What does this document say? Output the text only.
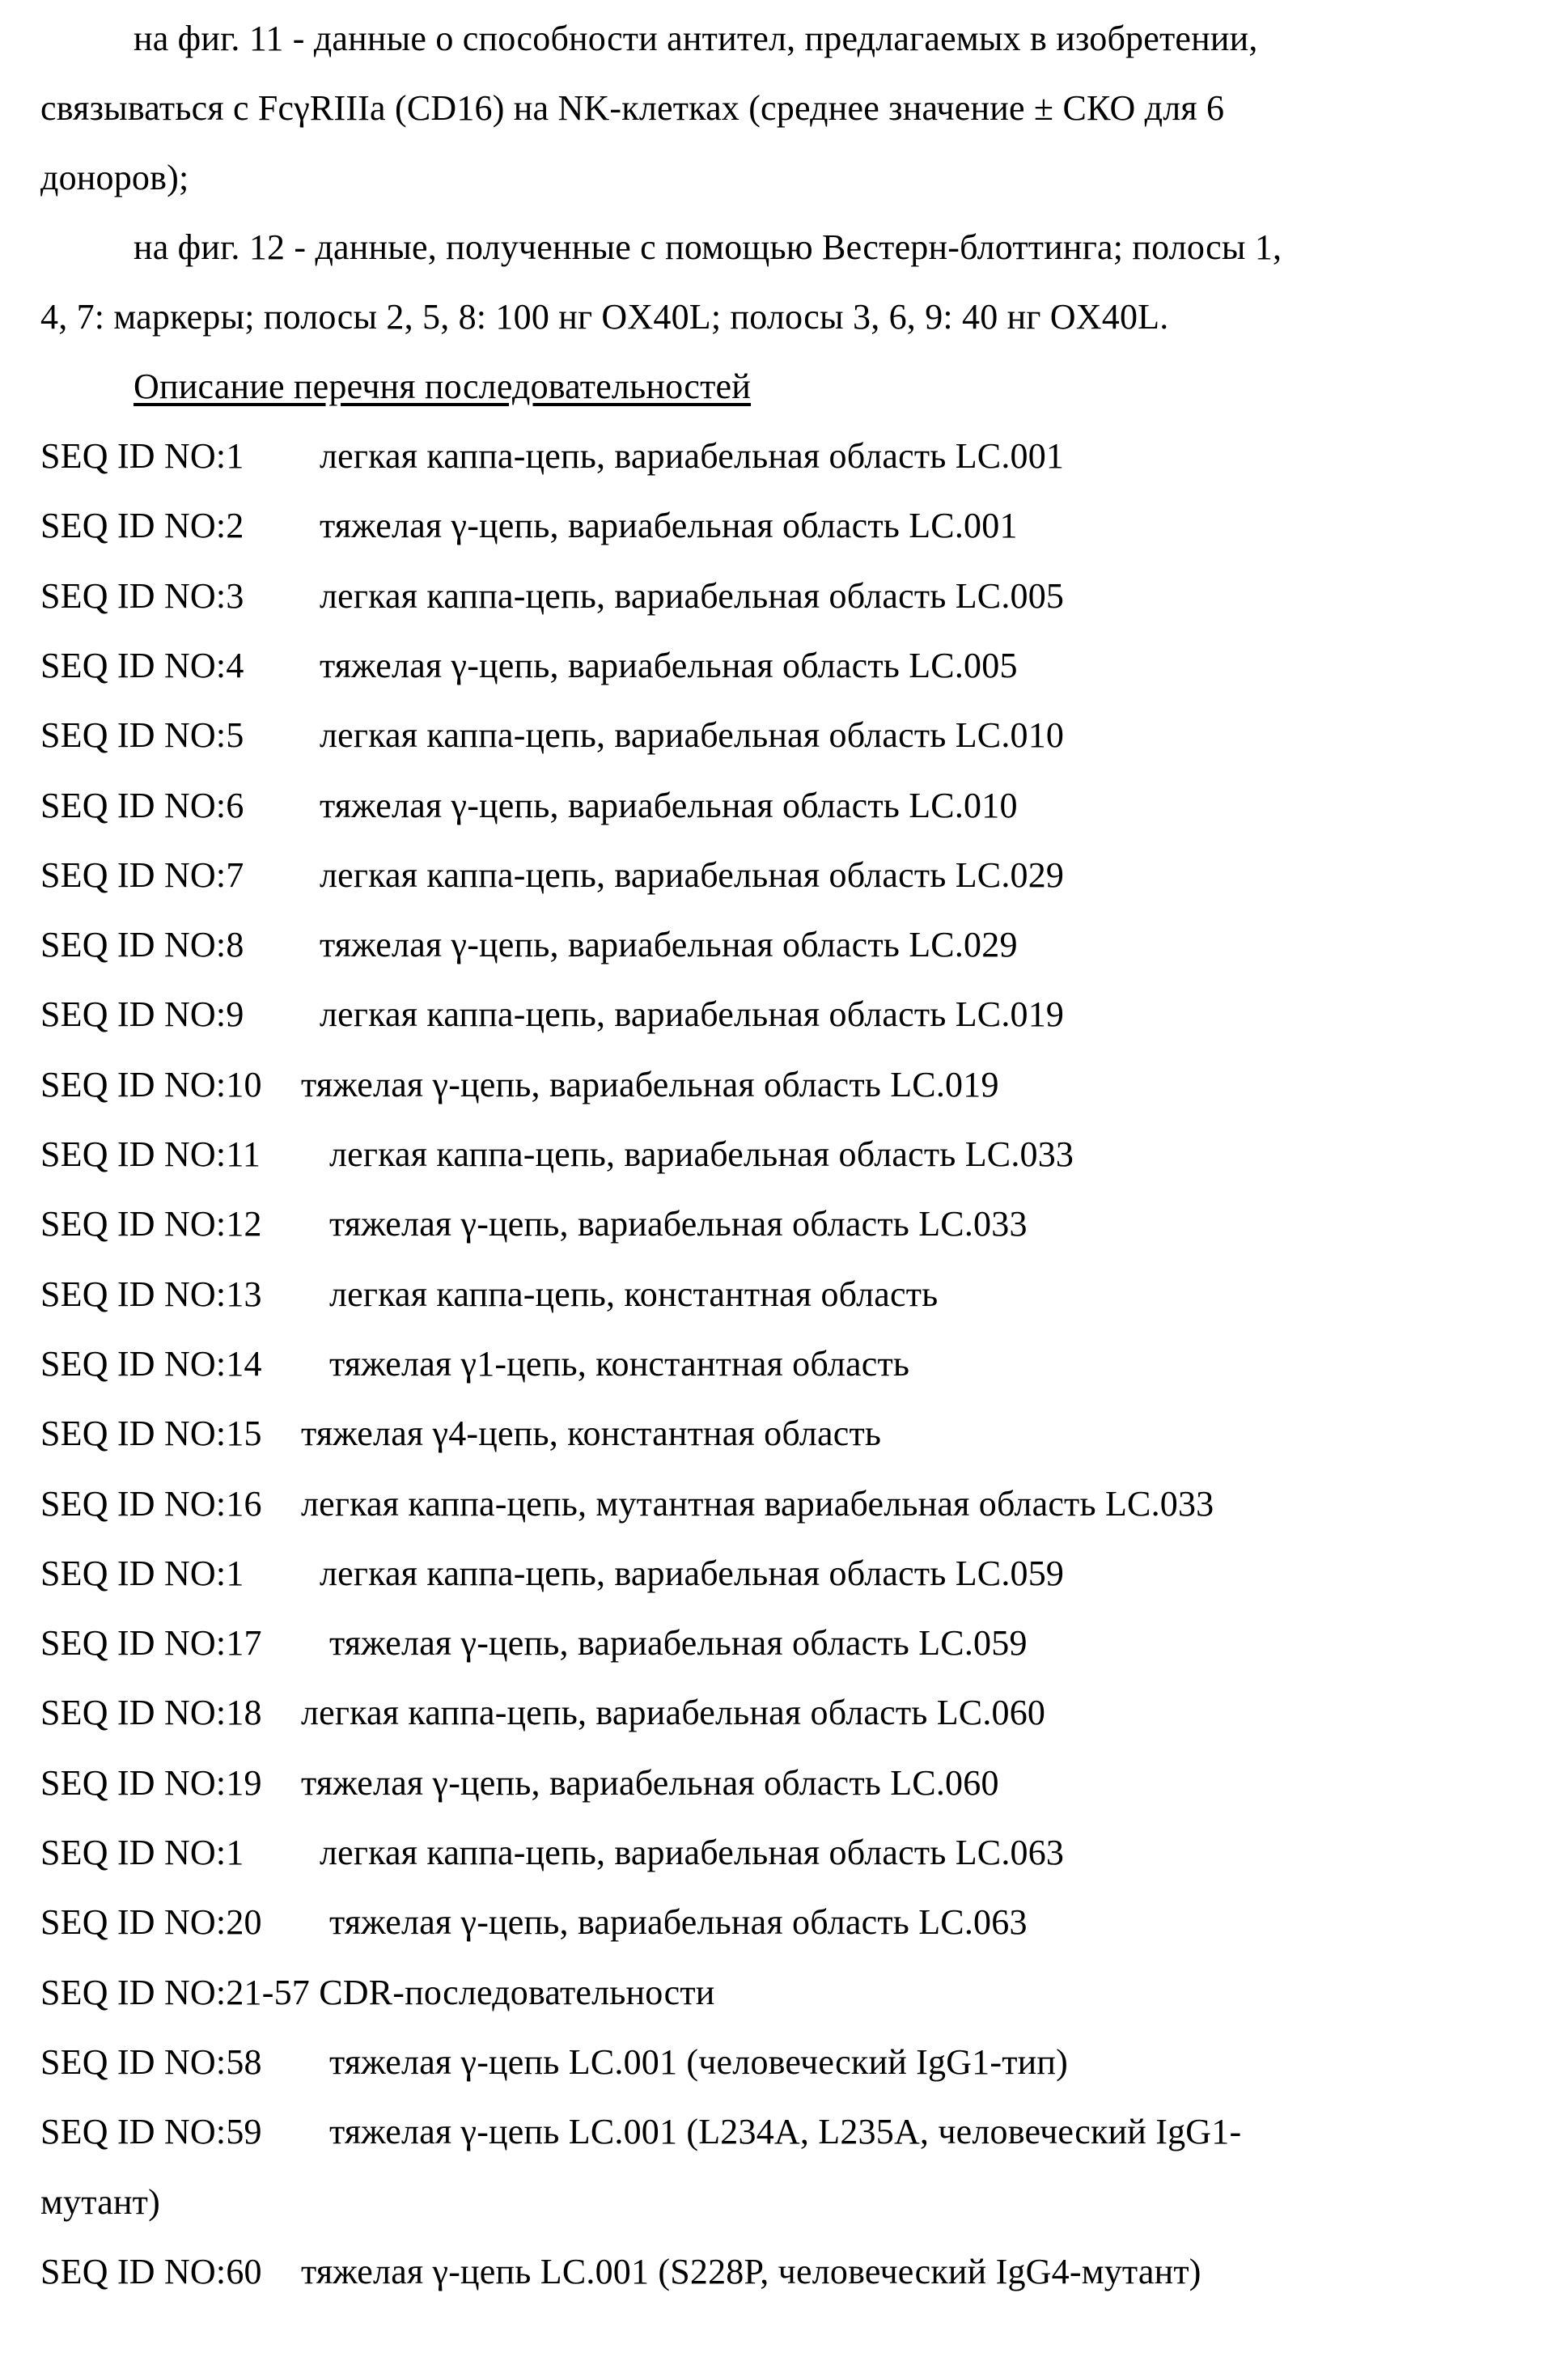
на фиг. 11 - данные о способности антител, предлагаемых в изобретении,
связываться с FcγRIIIa (CD16) на NK-клетках (среднее значение ± СКО для 6
доноров);
на фиг. 12 - данные, полученные с помощью Вестерн-блоттинга; полосы 1,
4, 7: маркеры; полосы 2, 5, 8: 100 нг OX40L; полосы 3, 6, 9: 40 нг OX40L.
Описание перечня последовательностей
SEQ ID NO:1 легкая каппа-цепь, вариабельная область LC.001
SEQ ID NO:2 тяжелая γ-цепь, вариабельная область LC.001
SEQ ID NO:3 легкая каппа-цепь, вариабельная область LC.005
SEQ ID NO:4 тяжелая γ-цепь, вариабельная область LC.005
SEQ ID NO:5 легкая каппа-цепь, вариабельная область LC.010
SEQ ID NO:6 тяжелая γ-цепь, вариабельная область LC.010
SEQ ID NO:7 легкая каппа-цепь, вариабельная область LC.029
SEQ ID NO:8 тяжелая γ-цепь, вариабельная область LC.029
SEQ ID NO:9 легкая каппа-цепь, вариабельная область LC.019
SEQ ID NO:10 тяжелая γ-цепь, вариабельная область LC.019
SEQ ID NO:11 легкая каппа-цепь, вариабельная область LC.033
SEQ ID NO:12 тяжелая γ-цепь, вариабельная область LC.033
SEQ ID NO:13 легкая каппа-цепь, константная область
SEQ ID NO:14 тяжелая γ1-цепь, константная область
SEQ ID NO:15 тяжелая γ4-цепь, константная область
SEQ ID NO:16 легкая каппа-цепь, мутантная вариабельная область LC.033
SEQ ID NO:1 легкая каппа-цепь, вариабельная область LC.059
SEQ ID NO:17 тяжелая γ-цепь, вариабельная область LC.059
SEQ ID NO:18 легкая каппа-цепь, вариабельная область LC.060
SEQ ID NO:19 тяжелая γ-цепь, вариабельная область LC.060
SEQ ID NO:1 легкая каппа-цепь, вариабельная область LC.063
SEQ ID NO:20 тяжелая γ-цепь, вариабельная область LC.063
SEQ ID NO:21-57 CDR-последовательности
SEQ ID NO:58 тяжелая γ-цепь LC.001 (человеческий IgG1-тип)
SEQ ID NO:59 тяжелая γ-цепь LC.001 (L234A, L235A, человеческий IgG1-
мутант)
SEQ ID NO:60 тяжелая γ-цепь LC.001 (S228P, человеческий IgG4-мутант)
